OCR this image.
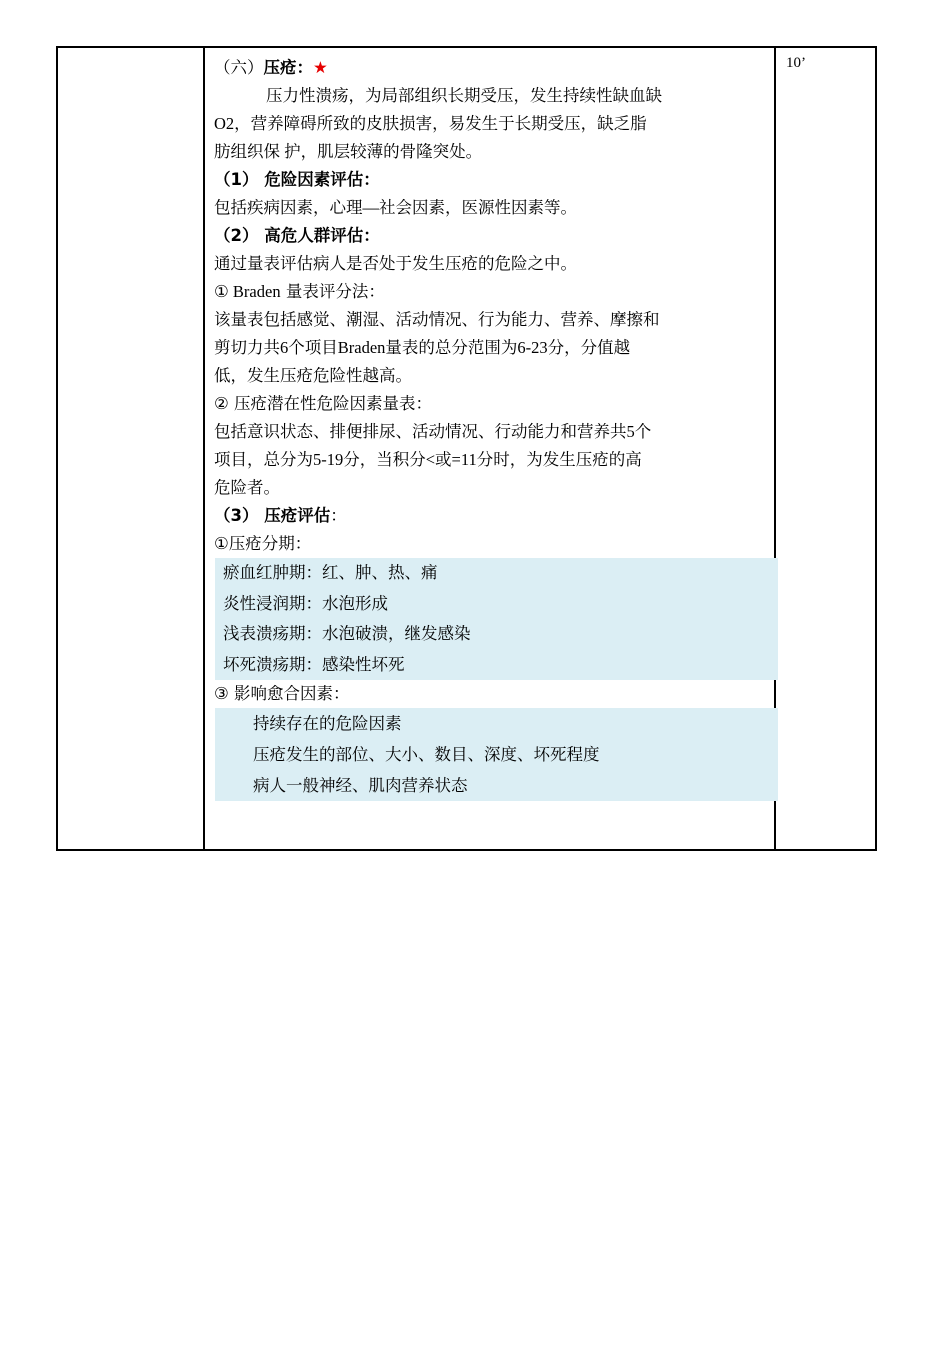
10’
（六）压疮：★
压力性溃疡，为局部组织长期受压，发生持续性缺血缺
O2，营养障碍所致的皮肤损害，易发生于长期受压，缺乏脂
肪组织保 护，肌层较薄的骨隆突处。
（1） 危险因素评估：
包括疾病因素，心理—社会因素，医源性因素等。
（2） 高危人群评估：
通过量表评估病人是否处于发生压疮的危险之中。
① Braden 量表评分法：
该量表包括感觉、潮湿、活动情况、行为能力、营养、摩擦和
剪切力共6个项目Braden量表的总分范围为6-23分，分值越
低，发生压疮危险性越高。
② 压疮潜在性危险因素量表：
包括意识状态、排便排尿、活动情况、行动能力和营养共5个
项目，总分为5-19分，当积分<或=11分时，为发生压疮的高
危险者。
（3） 压疮评估：
①压疮分期：
瘀血红肿期：红、肿、热、痛
炎性浸润期：水泡形成
浅表溃疡期：水泡破溃，继发感染
坏死溃疡期：感染性坏死
③ 影响愈合因素：
持续存在的危险因素
压疮发生的部位、大小、数目、深度、坏死程度
病人一般神经、肌肉营养状态
